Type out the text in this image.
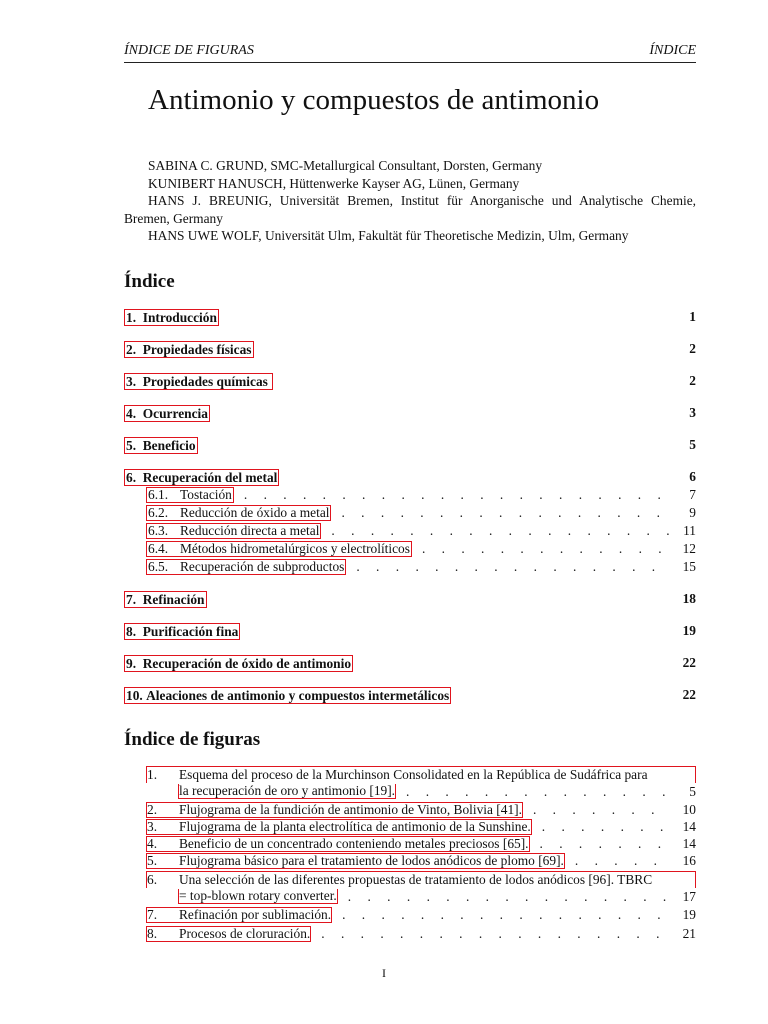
ÍNDICE DE FIGURAS	ÍNDICE
Antimonio y compuestos de antimonio
SABINA C. GRUND, SMC-Metallurgical Consultant, Dorsten, Germany
KUNIBERT HANUSCH, Hüttenwerke Kayser AG, Lünen, Germany
HANS J. BREUNIG, Universität Bremen, Institut für Anorganische und Analytische Chemie, Bremen, Germany
HANS UWE WOLF, Universität Ulm, Fakultät für Theoretische Medizin, Ulm, Germany
Índice
1. Introducción	1
2. Propiedades físicas	2
3. Propiedades químicas	2
4. Ocurrencia	3
5. Beneficio	5
6. Recuperación del metal	6
6.1. Tostación . . .	7
6.2. Reducción de óxido a metal . . .	9
6.3. Reducción directa a metal . . .	11
6.4. Métodos hidrometalúrgicos y electrolíticos . . .	12
6.5. Recuperación de subproductos . . .	15
7. Refinación	18
8. Purificación fina	19
9. Recuperación de óxido de antimonio	22
10. Aleaciones de antimonio y compuestos intermetálicos	22
Índice de figuras
1. Esquema del proceso de la Murchinson Consolidated en la República de Sudáfrica para
la recuperación de oro y antimonio [19]. . . .	5
2. Flujograma de la fundición de antimonio de Vinto, Bolivia [41]. . . .	10
3. Flujograma de la planta electrolítica de antimonio de la Sunshine. . . .	14
4. Beneficio de un concentrado conteniendo metales preciosos [65]. . . .	14
5. Flujograma básico para el tratamiento de lodos anódicos de plomo [69]. . . .	16
6. Una selección de las diferentes propuestas de tratamiento de lodos anódicos [96]. TBRC
= top-blown rotary converter. . . .	17
7. Refinación por sublimación. . . .	19
8. Procesos de cloruración. . . .	21
I
